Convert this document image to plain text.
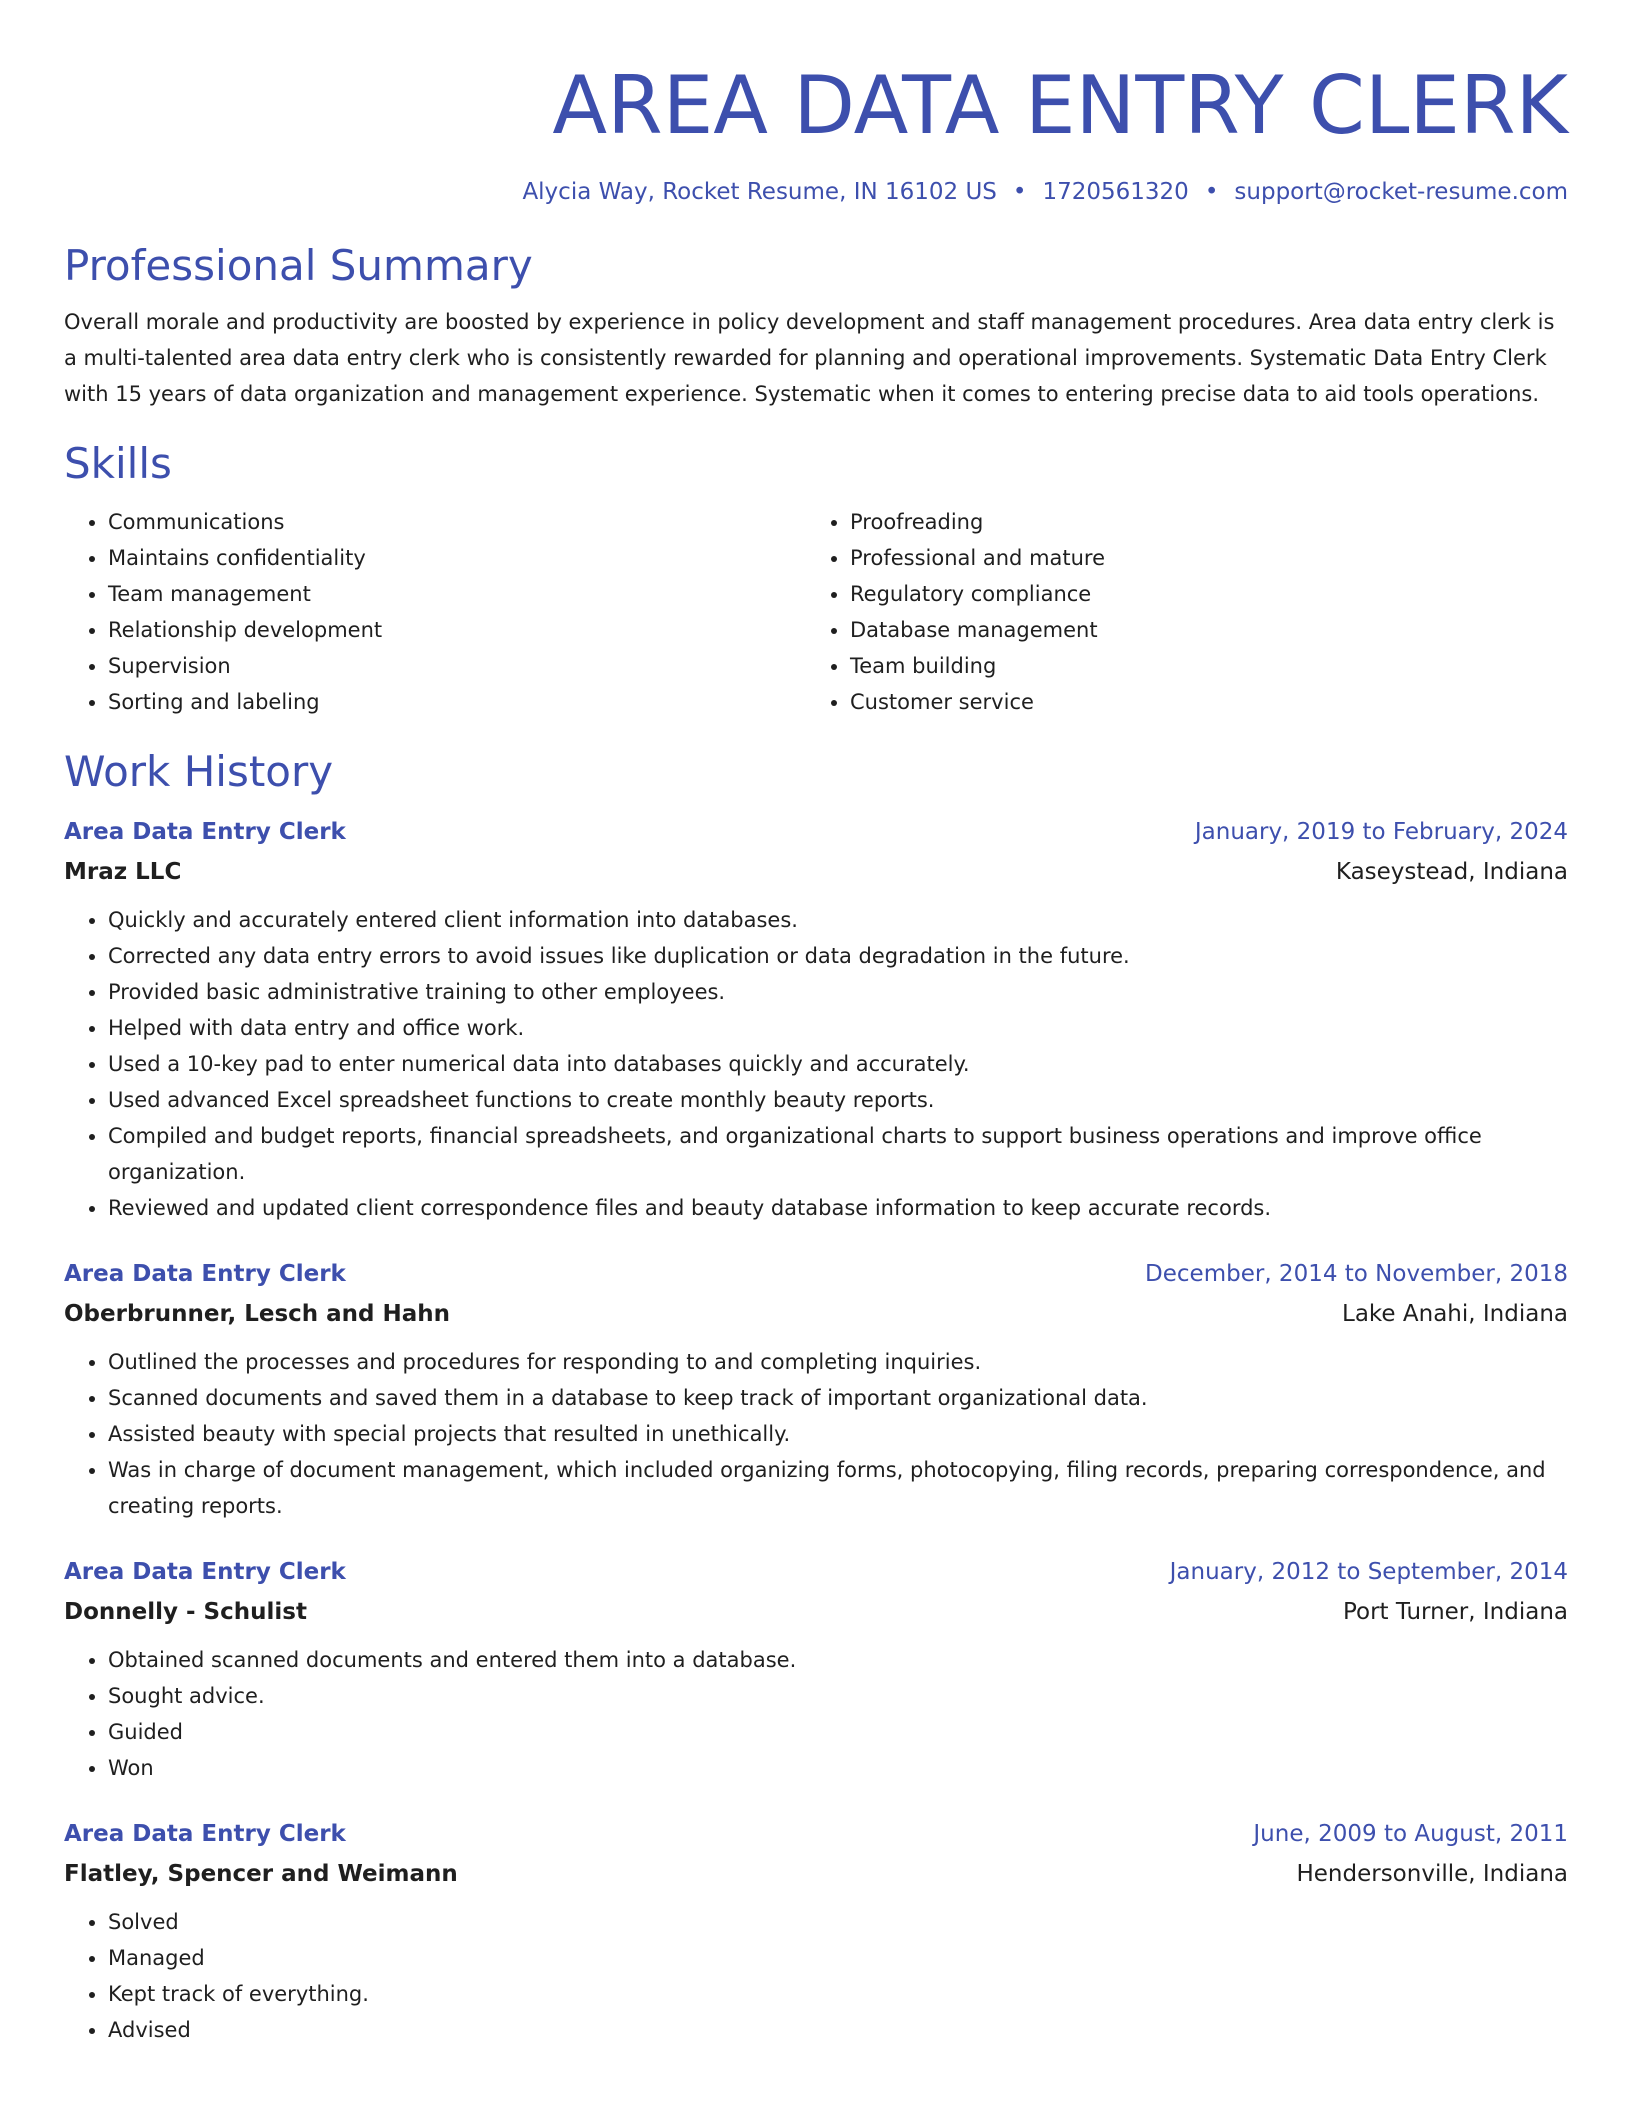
AREA DATA ENTRY CLERK
Alycia Way, Rocket Resume, IN 16102 US • 1720561320 • support@rocket-resume.com
Professional Summary
Overall morale and productivity are boosted by experience in policy development and staff management procedures. Area data entry clerk is a multi-talented area data entry clerk who is consistently rewarded for planning and operational improvements. Systematic Data Entry Clerk with 15 years of data organization and management experience. Systematic when it comes to entering precise data to aid tools operations.
Skills
• Communications
• Maintains confidentiality
• Team management
• Relationship development
• Supervision
• Sorting and labeling
• Proofreading
• Professional and mature
• Regulatory compliance
• Database management
• Team building
• Customer service
Work History
Area Data Entry Clerk	January, 2019 to February, 2024
Mraz LLC	Kaseystead, Indiana
• Quickly and accurately entered client information into databases.
• Corrected any data entry errors to avoid issues like duplication or data degradation in the future.
• Provided basic administrative training to other employees.
• Helped with data entry and office work.
• Used a 10-key pad to enter numerical data into databases quickly and accurately.
• Used advanced Excel spreadsheet functions to create monthly beauty reports.
• Compiled and budget reports, financial spreadsheets, and organizational charts to support business operations and improve office organization.
• Reviewed and updated client correspondence files and beauty database information to keep accurate records.
Area Data Entry Clerk	December, 2014 to November, 2018
Oberbrunner, Lesch and Hahn	Lake Anahi, Indiana
• Outlined the processes and procedures for responding to and completing inquiries.
• Scanned documents and saved them in a database to keep track of important organizational data.
• Assisted beauty with special projects that resulted in unethically.
• Was in charge of document management, which included organizing forms, photocopying, filing records, preparing correspondence, and creating reports.
Area Data Entry Clerk	January, 2012 to September, 2014
Donnelly - Schulist	Port Turner, Indiana
• Obtained scanned documents and entered them into a database.
• Sought advice.
• Guided
• Won
Area Data Entry Clerk	June, 2009 to August, 2011
Flatley, Spencer and Weimann	Hendersonville, Indiana
• Solved
• Managed
• Kept track of everything.
• Advised
